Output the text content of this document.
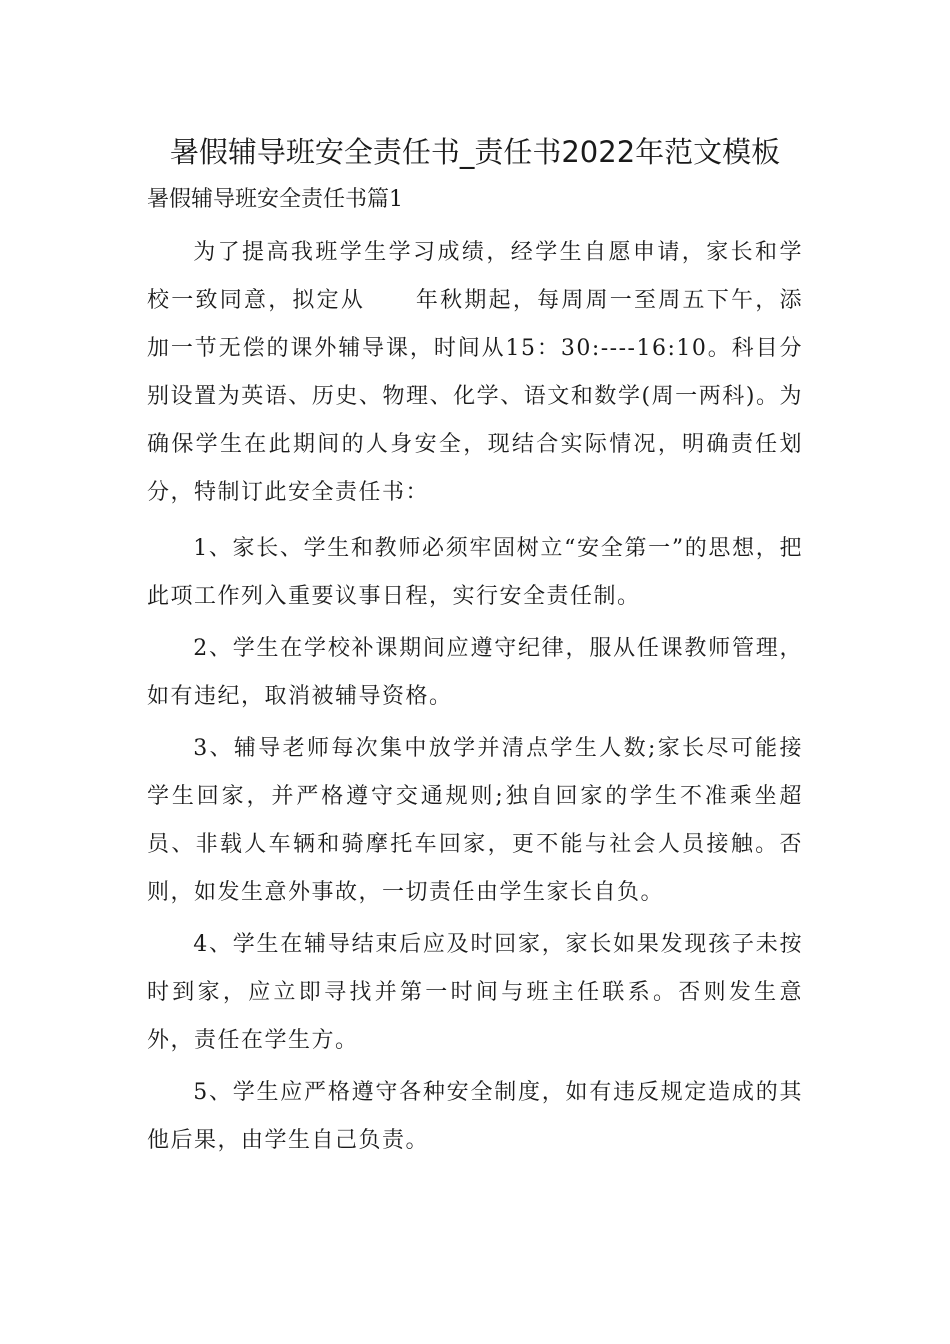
暑假辅导班安全责任书_责任书2022年范文模板
暑假辅导班安全责任书篇1

为了提高我班学生学习成绩，经学生自愿申请，家长和学校一致同意，拟定从 年秋期起，每周周一至周五下午，添加一节无偿的课外辅导课，时间从15：30:----16:10。科目分别设置为英语、历史、物理、化学、语文和数学(周一两科)。为确保学生在此期间的人身安全，现结合实际情况，明确责任划分，特制订此安全责任书：

1、家长、学生和教师必须牢固树立“安全第一”的思想，把此项工作列入重要议事日程，实行安全责任制。

2、学生在学校补课期间应遵守纪律，服从任课教师管理，如有违纪，取消被辅导资格。

3、辅导老师每次集中放学并清点学生人数;家长尽可能接学生回家，并严格遵守交通规则;独自回家的学生不准乘坐超员、非载人车辆和骑摩托车回家，更不能与社会人员接触。否则，如发生意外事故，一切责任由学生家长自负。

4、学生在辅导结束后应及时回家，家长如果发现孩子未按时到家，应立即寻找并第一时间与班主任联系。否则发生意外，责任在学生方。

5、学生应严格遵守各种安全制度，如有违反规定造成的其他后果，由学生自己负责。
